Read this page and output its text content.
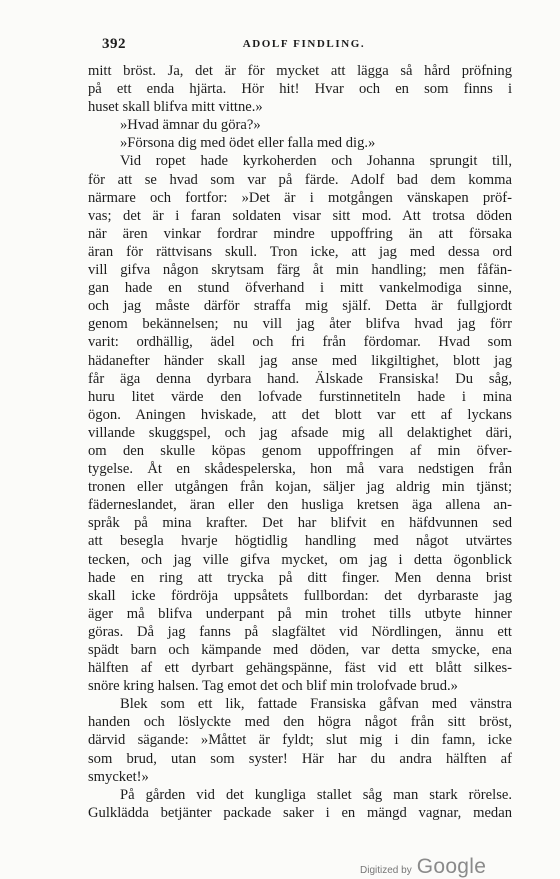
392	ADOLF FINDLING.
mitt bröst. Ja, det är för mycket att lägga så hård pröfning
på ett enda hjärta. Hör hit! Hvar och en som finns i
huset skall blifva mitt vittne.»
»Hvad ämnar du göra?»
»Försona dig med ödet eller falla med dig.»
Vid ropet hade kyrkoherden och Johanna sprungit till,
för att se hvad som var på färde. Adolf bad dem komma
närmare och fortfor: »Det är i motgången vänskapen pröf-
vas; det är i faran soldaten visar sitt mod. Att trotsa döden
när ären vinkar fordrar mindre uppoffring än att försaka
äran för rättvisans skull. Tron icke, att jag med dessa ord
vill gifva någon skrytsam färg åt min handling; men fåfän-
gan hade en stund öfverhand i mitt vankelmodiga sinne,
och jag måste därför straffa mig själf. Detta är fullgjordt
genom bekännelsen; nu vill jag åter blifva hvad jag förr
varit: ordhällig, ädel och fri från fördomar. Hvad som
hädanefter händer skall jag anse med likgiltighet, blott jag
får äga denna dyrbara hand. Älskade Fransiska! Du såg,
huru litet värde den lofvade furstinnetiteln hade i mina
ögon. Aningen hviskade, att det blott var ett af lyckans
villande skuggspel, och jag afsade mig all delaktighet däri,
om den skulle köpas genom uppoffringen af min öfver-
tygelse. Åt en skådespelerska, hon må vara nedstigen från
tronen eller utgången från kojan, säljer jag aldrig min tjänst;
fäderneslandet, äran eller den husliga kretsen äga allena an-
språk på mina krafter. Det har blifvit en häfdvunnen sed
att besegla hvarje högtidlig handling med något utvärtes
tecken, och jag ville gifva mycket, om jag i detta ögonblick
hade en ring att trycka på ditt finger. Men denna brist
skall icke fördröja uppsåtets fullbordan: det dyrbaraste jag
äger må blifva underpant på min trohet tills utbyte hinner
göras. Då jag fanns på slagfältet vid Nördlingen, ännu ett
spädt barn och kämpande med döden, var detta smycke, ena
hälften af ett dyrbart gehängspänne, fäst vid ett blått silkes-
snöre kring halsen. Tag emot det och blif min trolofvade brud.»
Blek som ett lik, fattade Fransiska gåfvan med vänstra
handen och löslyckte med den högra något från sitt bröst,
därvid sägande: »Måttet är fyldt; slut mig i din famn, icke
som brud, utan som syster! Här har du andra hälften af
smycket!»
På gården vid det kungliga stallet såg man stark rörelse.
Gulklädda betjänter packade saker i en mängd vagnar, medan
Digitized by Google
